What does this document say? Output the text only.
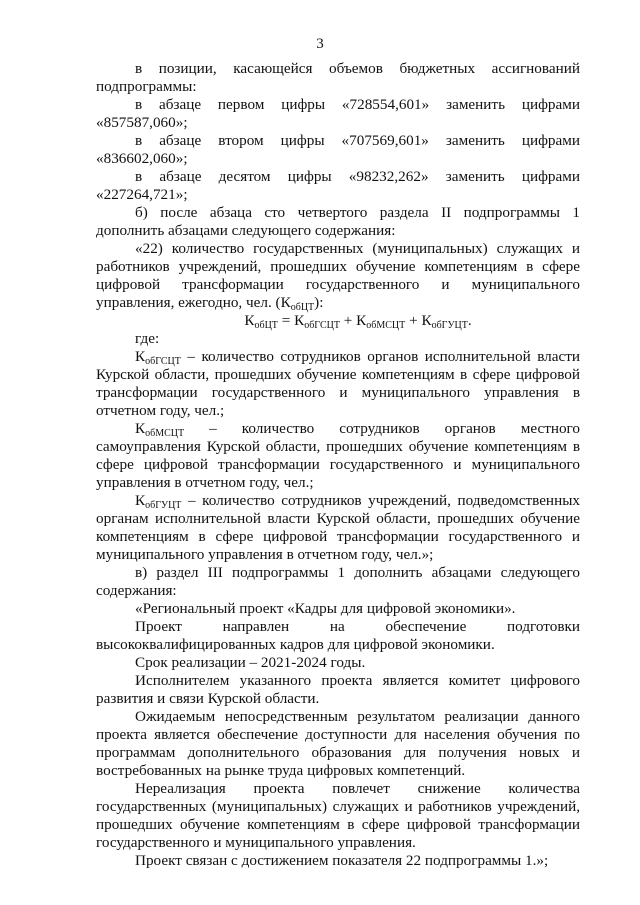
3

в позиции, касающейся объемов бюджетных ассигнований подпрограммы:

в абзаце первом цифры «728554,601» заменить цифрами «857587,060»;

в абзаце втором цифры «707569,601» заменить цифрами «836602,060»;

в абзаце десятом цифры «98232,262» заменить цифрами «227264,721»;

б) после абзаца сто четвертого раздела II подпрограммы 1 дополнить абзацами следующего содержания:

«22) количество государственных (муниципальных) служащих и работников учреждений, прошедших обучение компетенциям в сфере цифровой трансформации государственного и муниципального управления, ежегодно, чел. $(К_{обЦТ})$:

$К_{обЦТ} = К_{обГСЦТ} + К_{обМСЦТ} + К_{обГУЦТ}$.

где:

$К_{обГСЦТ}$ – количество сотрудников органов исполнительной власти Курской области, прошедших обучение компетенциям в сфере цифровой трансформации государственного и муниципального управления в отчетном году, чел.;

$К_{обМСЦТ}$ – количество сотрудников органов местного самоуправления Курской области, прошедших обучение компетенциям в сфере цифровой трансформации государственного и муниципального управления в отчетном году, чел.;

$К_{обГУЦТ}$ – количество сотрудников учреждений, подведомственных органам исполнительной власти Курской области, прошедших обучение компетенциям в сфере цифровой трансформации государственного и муниципального управления в отчетном году, чел.»;

в) раздел III подпрограммы 1 дополнить абзацами следующего содержания:

«Региональный проект «Кадры для цифровой экономики».

Проект направлен на обеспечение подготовки высококвалифицированных кадров для цифровой экономики.

Срок реализации – 2021-2024 годы.

Исполнителем указанного проекта является комитет цифрового развития и связи Курской области.

Ожидаемым непосредственным результатом реализации данного проекта является обеспечение доступности для населения обучения по программам дополнительного образования для получения новых и востребованных на рынке труда цифровых компетенций.

Нереализация проекта повлечет снижение количества государственных (муниципальных) служащих и работников учреждений, прошедших обучение компетенциям в сфере цифровой трансформации государственного и муниципального управления.

Проект связан с достижением показателя 22 подпрограммы 1.»;
